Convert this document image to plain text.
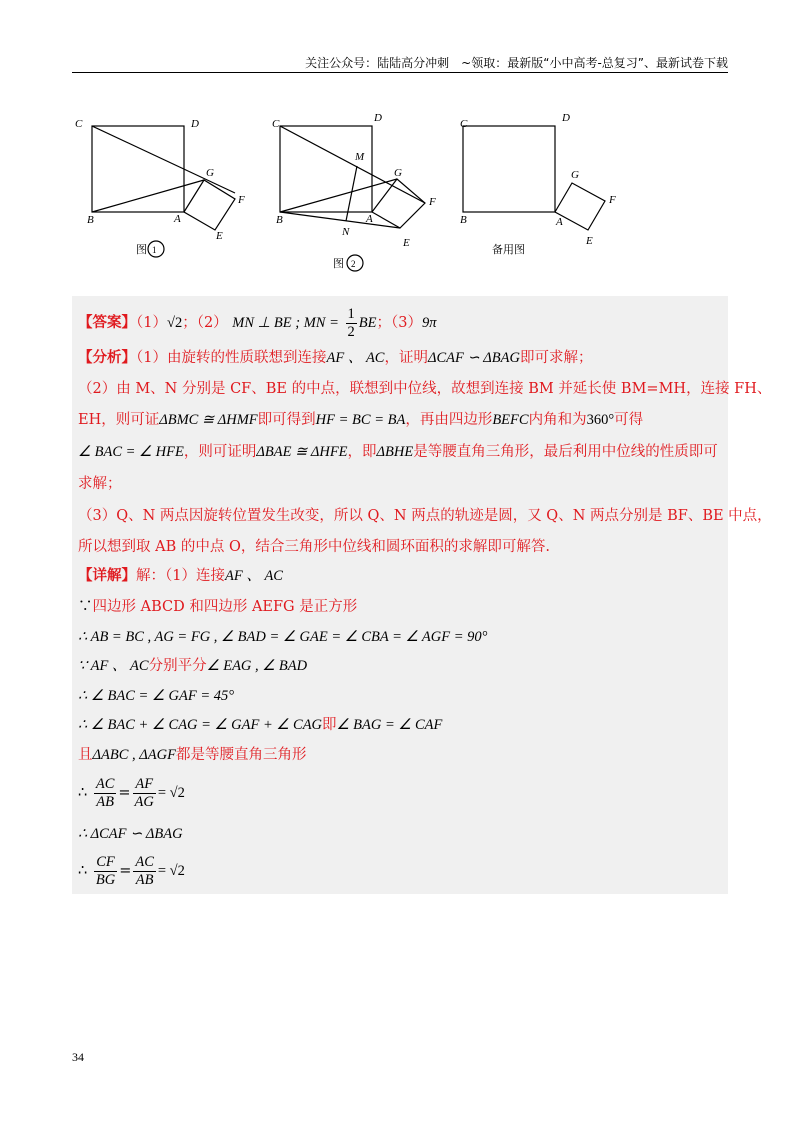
关注公众号：陆陆高分冲刺　~领取：最新版“小中高考-总复习”、最新试卷下载
C	D
B	A
G
F
E
C	D
M
B	A
G
F
N
E
C	D
B	A
G
F
E
图 1
图 2
备用图
【答案】（1）√2；（2） MN ⊥ BE ; MN = $\frac{1}{2}$ BE；（3）9π
【分析】（1）由旋转的性质联想到连接AF 、 AC，证明ΔCAF ∽ ΔBAG即可求解；
（2）由 M、N 分别是 CF、BE 的中点，联想到中位线，故想到连接 BM 并延长使 BM=MH，连接 FH、
EH，则可证ΔBMC ≅ ΔHMF即可得到HF = BC = BA，再由四边形BEFC内角和为360°可得
∠ BAC = ∠ HFE，则可证明ΔBAE ≅ ΔHFE，即ΔBHE是等腰直角三角形，最后利用中位线的性质即可
求解；
（3）Q、N 两点因旋转位置发生改变，所以 Q、N 两点的轨迹是圆，又 Q、N 两点分别是 BF、BE 中点，
所以想到取 AB 的中点 O，结合三角形中位线和圆环面积的求解即可解答.
【详解】解：（1）连接AF 、 AC
∵四边形 ABCD 和四边形 AEFG 是正方形
∴ AB = BC , AG = FG , ∠ BAD = ∠ GAE = ∠ CBA = ∠ AGF = 90°
∵ AF 、 AC分别平分∠ EAG , ∠ BAD
∴ ∠ BAC = ∠ GAF = 45°
∴ ∠ BAC + ∠ CAG = ∠ GAF + ∠ CAG即∠ BAG = ∠ CAF
且ΔABC , ΔAGF都是等腰直角三角形
∴ $\frac{AC}{AB} = \frac{AF}{AG} = √2$
∴ ΔCAF ∽ ΔBAG
∴ $\frac{CF}{BG} = \frac{AC}{AB} = √2$
34
